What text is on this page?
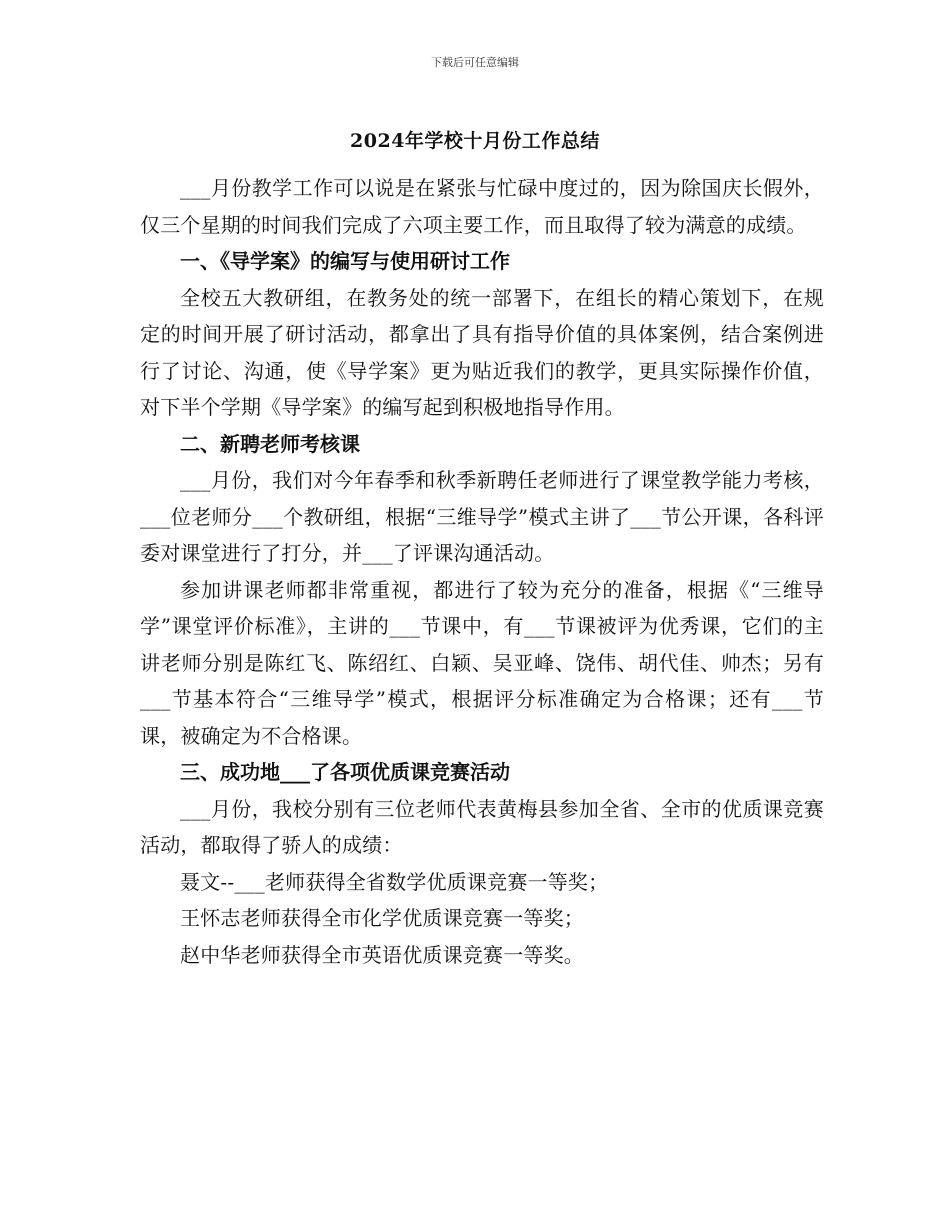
下载后可任意编辑
2024年学校十月份工作总结

___月份教学工作可以说是在紧张与忙碌中度过的，因为除国庆长假外，仅三个星期的时间我们完成了六项主要工作，而且取得了较为满意的成绩。

一、《导学案》的编写与使用研讨工作

全校五大教研组，在教务处的统一部署下，在组长的精心策划下，在规定的时间开展了研讨活动，都拿出了具有指导价值的具体案例，结合案例进行了讨论、沟通，使《导学案》更为贴近我们的教学，更具实际操作价值，对下半个学期《导学案》的编写起到积极地指导作用。

二、新聘老师考核课

___月份，我们对今年春季和秋季新聘任老师进行了课堂教学能力考核，___位老师分___个教研组，根据“三维导学”模式主讲了___节公开课，各科评委对课堂进行了打分，并___了评课沟通活动。

参加讲课老师都非常重视，都进行了较为充分的准备，根据《“三维导学”课堂评价标准》，主讲的___节课中，有___节课被评为优秀课，它们的主讲老师分别是陈红飞、陈绍红、白颖、吴亚峰、饶伟、胡代佳、帅杰；另有___节基本符合“三维导学”模式，根据评分标准确定为合格课；还有___节课，被确定为不合格课。

三、成功地___了各项优质课竞赛活动

___月份，我校分别有三位老师代表黄梅县参加全省、全市的优质课竞赛活动，都取得了骄人的成绩：

聂文--___老师获得全省数学优质课竞赛一等奖；

王怀志老师获得全市化学优质课竞赛一等奖；

赵中华老师获得全市英语优质课竞赛一等奖。
